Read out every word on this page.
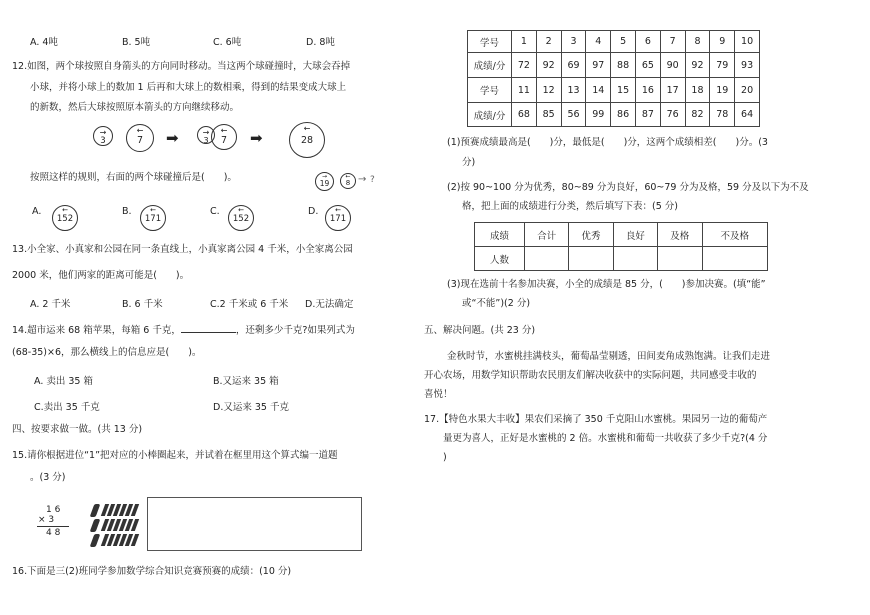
A. 4吨	B. 5吨	C. 6吨	D. 8吨
12.如图，两个球按照自身箭头的方向同时移动。当这两个球碰撞时，大球会吞掉
小球，并将小球上的数加 1 后再和大球上的数相乘，得到的结果变成大球上
的新数，然后大球按照原本箭头的方向继续移动。
→
3
←
7	➡	→
3
←
7	➡
←
28
按照这样的规则，右面的两个球碰撞后是(　　)。	→
19
←
8 → ?
A.	←
152
B.	←
171
C.	←
152
D.	←
171
13.小全家、小真家和公园在同一条直线上，小真家离公园 4 千米，小全家离公园
2000 米，他们两家的距离可能是(　　)。
A. 2 千米	B. 6 千米	C.2 千米或 6 千米 D.无法确定
14.超市运来 68 箱苹果，每箱 6 千克，	，还剩多少千克?如果列式为
(68-35)×6，那么横线上的信息应是(　　)。
A. 卖出 35 箱	B.又运来 35 箱
C.卖出 35 千克	D.又运来 35 千克
四、按要求做一做。(共 13 分)
15.请你根据进位“1”把对应的小棒圈起来，并试着在框里用这个算式编一道题
。(3 分)
1 6
× 3
4 8
16.下面是三(2)班同学参加数学综合知识竞赛预赛的成绩：(10 分)
学号	1	2	3	4	5	6	7	8	9	10
成绩/分	72	92	69	97	88	65	90	92	79	93
学号	11	12	13	14	15	16	17	18	19	20
成绩/分	68	85	56	99	86	87	76	82	78	64
(1)预赛成绩最高是(　　)分，最低是(　　)分，这两个成绩相差(　　)分。(3
分)
(2)按 90~100 分为优秀，80~89 分为良好，60~79 分为及格，59 分及以下为不及
格，把上面的成绩进行分类，然后填写下表：(5 分)
成绩	合计	优秀	良好	及格	不及格
人数					
(3)现在选前十名参加决赛，小全的成绩是 85 分，(　　)参加决赛。(填“能”
或“不能”)(2 分)
五、解决问题。(共 23 分)
金秋时节，水蜜桃挂满枝头，葡萄晶莹剔透，田间麦角成熟饱满。让我们走进
开心农场，用数学知识帮助农民朋友们解决收获中的实际问题，共同感受丰收的
喜悦！
17.【特色水果大丰收】果农们采摘了 350 千克阳山水蜜桃。果园另一边的葡萄产
量更为喜人，正好是水蜜桃的 2 倍。水蜜桃和葡萄一共收获了多少千克?(4 分
)
